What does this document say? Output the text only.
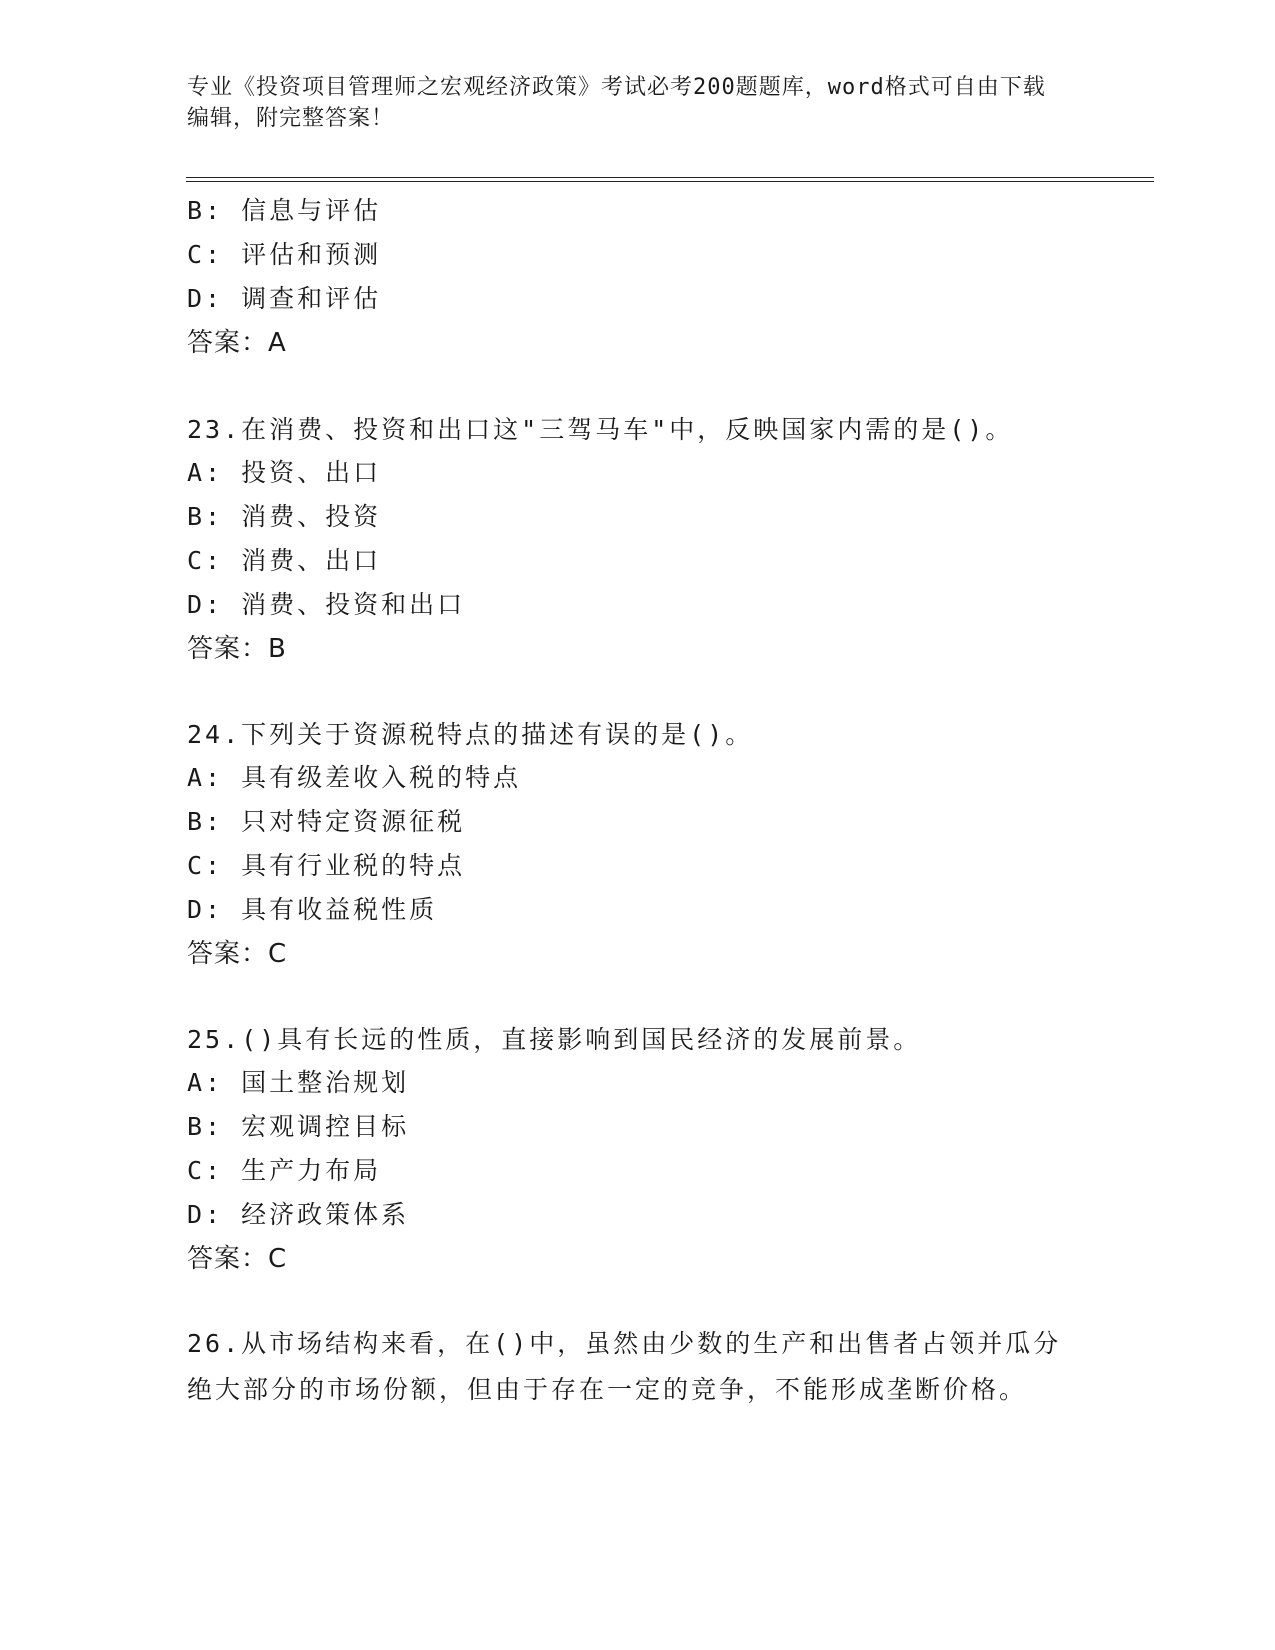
专业《投资项目管理师之宏观经济政策》考试必考200题题库，word格式可自由下载编辑，附完整答案！
B: 信息与评估
C: 评估和预测
D: 调查和评估
答案：A
23.在消费、投资和出口这"三驾马车"中，反映国家内需的是()。
A: 投资、出口
B: 消费、投资
C: 消费、出口
D: 消费、投资和出口
答案：B
24.下列关于资源税特点的描述有误的是()。
A: 具有级差收入税的特点
B: 只对特定资源征税
C: 具有行业税的特点
D: 具有收益税性质
答案：C
25.()具有长远的性质，直接影响到国民经济的发展前景。
A: 国土整治规划
B: 宏观调控目标
C: 生产力布局
D: 经济政策体系
答案：C
26.从市场结构来看，在()中，虽然由少数的生产和出售者占领并瓜分绝大部分的市场份额，但由于存在一定的竞争，不能形成垄断价格。
